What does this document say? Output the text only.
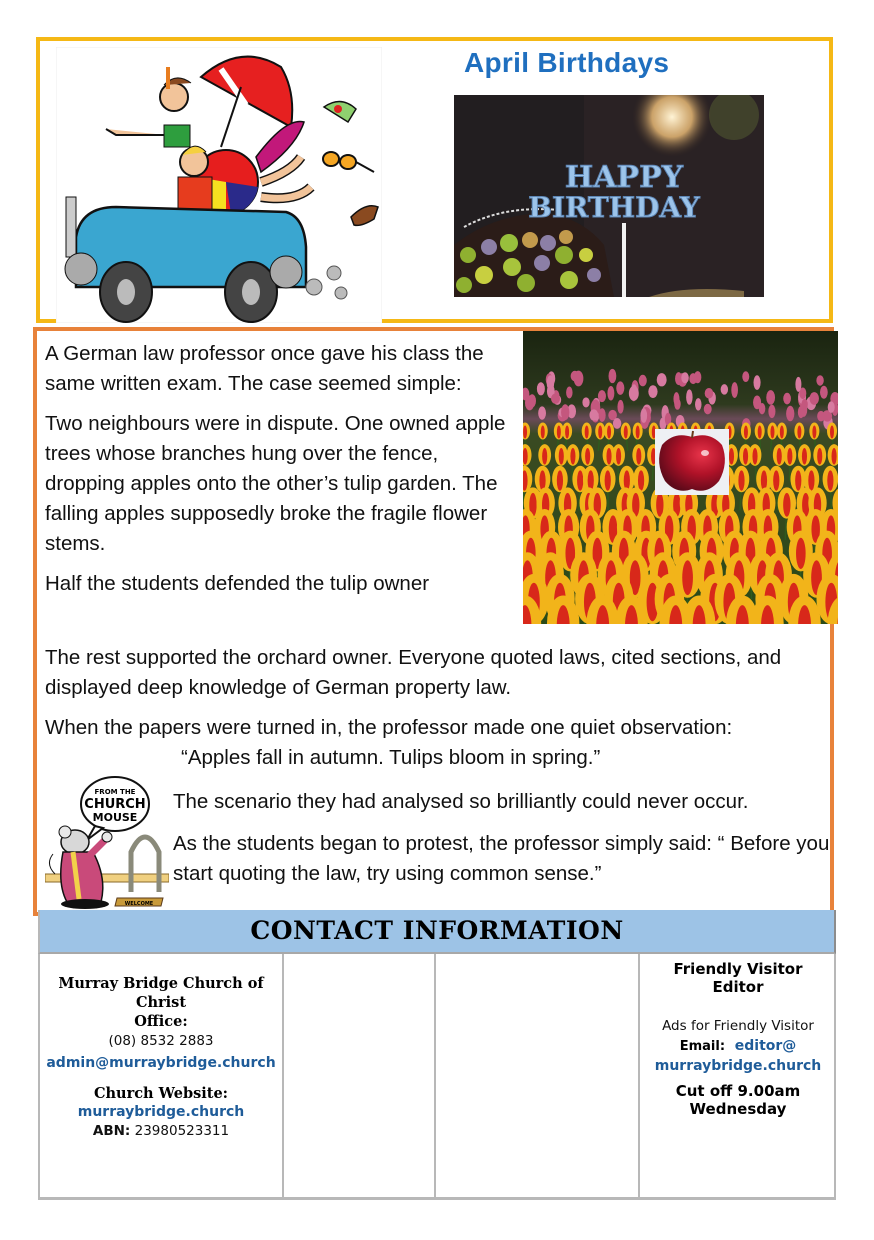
April Birthdays
HAPPY
BIRTHDAY

A German law professor once gave his class the same written exam. The case seemed simple:

Two neighbours were in dispute. One owned apple trees whose branches hung over the fence, dropping apples onto the other’s tulip garden. The falling apples supposedly broke the fragile flower stems.

Half the students defended the tulip owner

The rest supported the orchard owner. Everyone quoted laws, cited sections, and displayed deep knowledge of German property law.

When the papers were turned in, the professor made one quiet observation:

“Apples fall in autumn. Tulips bloom in spring.”

The scenario they had analysed so brilliantly could never occur.

As the students began to protest, the professor simply said: “ Before you start quoting the law, try using common sense.”

FROM THE
CHURCH
MOUSE
WELCOME
CONTACT INFORMATION
Murray Bridge Church of Christ
Office:
(08) 8532 2883
admin@murraybridge.church
Church Website:
murraybridge.church
ABN: 23980523311
Friendly Visitor Editor
Ads for Friendly Visitor
Email: editor@
murraybridge.church
Cut off 9.00am Wednesday
